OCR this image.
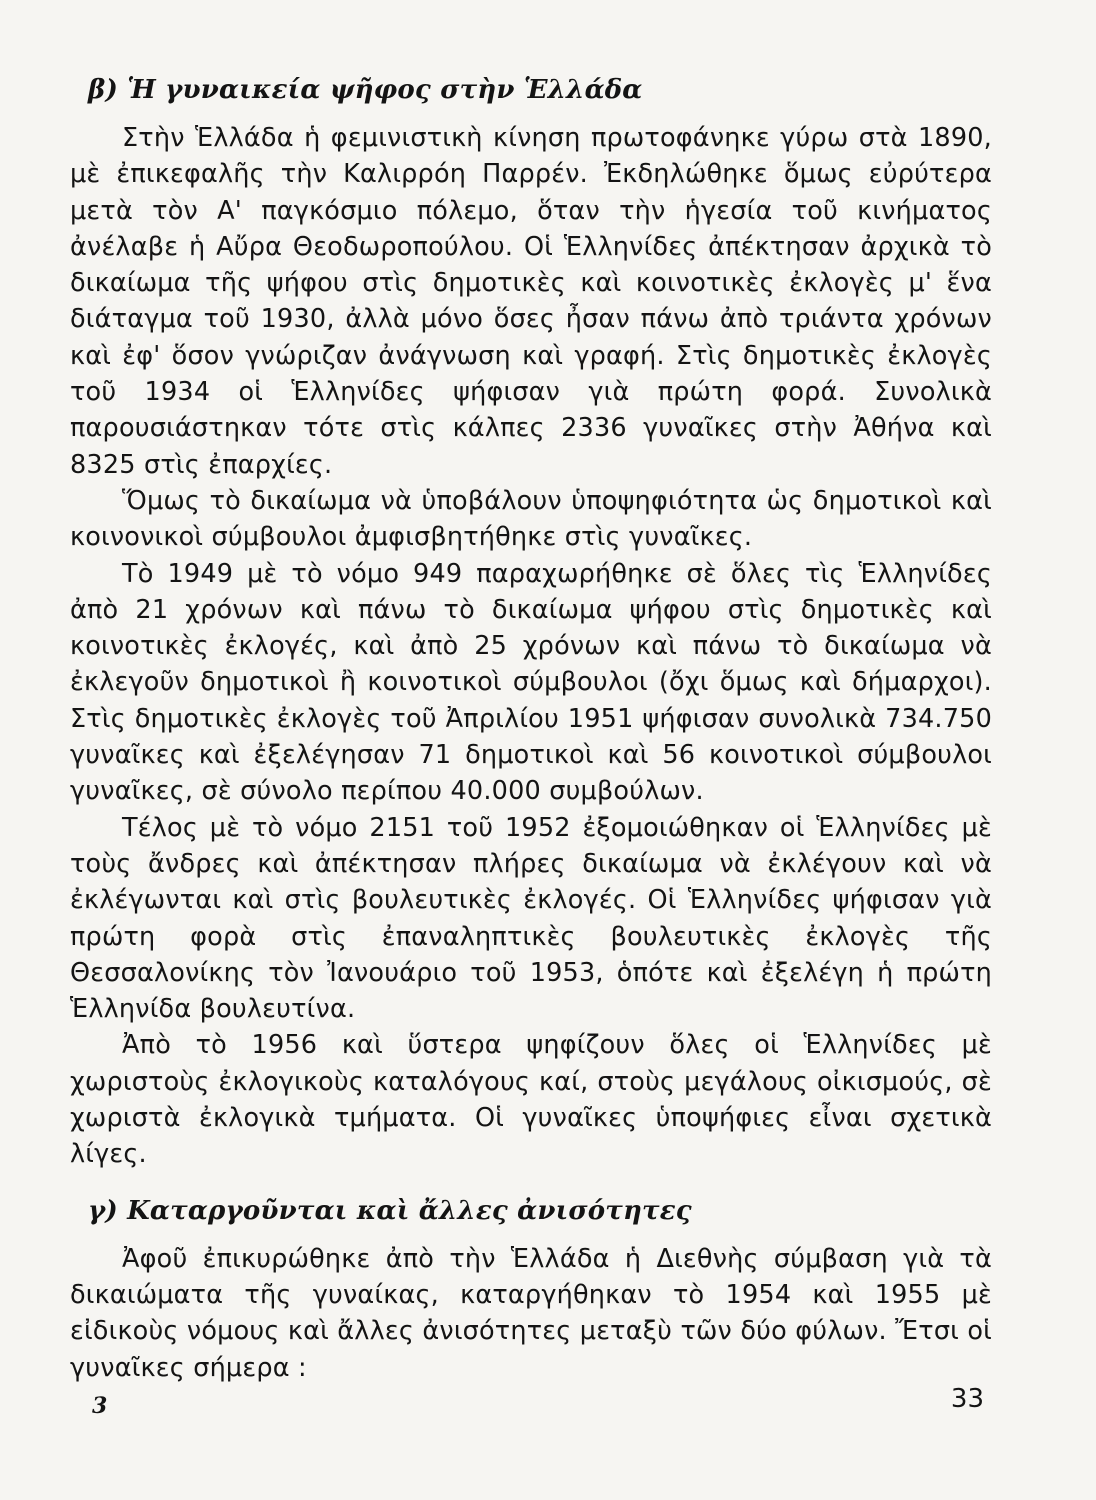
β) Ἡ γυναικεία ψῆφος στὴν Ἑλλάδα

Στὴν Ἑλλάδα ἡ φεμινιστικὴ κίνηση πρωτοφάνηκε γύρω στὰ 1890, μὲ ἐπικεφαλῆς τὴν Καλιρρόη Παρρέν. Ἐκδηλώθηκε ὅμως εὐρύτερα μετὰ τὸν Α' παγκόσμιο πόλεμο, ὅταν τὴν ἡγεσία τοῦ κινήματος ἀνέλαβε ἡ Αὔρα Θεοδωροπούλου. Οἱ Ἑλληνίδες ἀπέκτησαν ἀρχικὰ τὸ δικαίωμα τῆς ψήφου στὶς δημοτικὲς καὶ κοινοτικὲς ἐκλογὲς μ' ἕνα διάταγμα τοῦ 1930, ἀλλὰ μόνο ὅσες ἦσαν πάνω ἀπὸ τριάντα χρόνων καὶ ἐφ' ὅσον γνώριζαν ἀνάγνωση καὶ γραφή. Στὶς δημοτικὲς ἐκλογὲς τοῦ 1934 οἱ Ἑλληνίδες ψήφισαν γιὰ πρώτη φορά. Συνολικὰ παρουσιάστηκαν τότε στὶς κάλπες 2336 γυναῖκες στὴν Ἀθήνα καὶ 8325 στὶς ἐπαρχίες.

Ὅμως τὸ δικαίωμα νὰ ὑποβάλουν ὑποψηφιότητα ὡς δημοτικοὶ καὶ κοινονικοὶ σύμβουλοι ἀμφισβητήθηκε στὶς γυναῖκες.

Τὸ 1949 μὲ τὸ νόμο 949 παραχωρήθηκε σὲ ὅλες τὶς Ἑλληνίδες ἀπὸ 21 χρόνων καὶ πάνω τὸ δικαίωμα ψήφου στὶς δημοτικὲς καὶ κοινοτικὲς ἐκλογές, καὶ ἀπὸ 25 χρόνων καὶ πάνω τὸ δικαίωμα νὰ ἐκλεγοῦν δημοτικοὶ ἢ κοινοτικοὶ σύμβουλοι (ὄχι ὅμως καὶ δήμαρχοι). Στὶς δημοτικὲς ἐκλογὲς τοῦ Ἀπριλίου 1951 ψήφισαν συνολικὰ 734.750 γυναῖκες καὶ ἐξελέγησαν 71 δημοτικοὶ καὶ 56 κοινοτικοὶ σύμβουλοι γυναῖκες, σὲ σύνολο περίπου 40.000 συμβούλων.

Τέλος μὲ τὸ νόμο 2151 τοῦ 1952 ἐξομοιώθηκαν οἱ Ἑλληνίδες μὲ τοὺς ἄνδρες καὶ ἀπέκτησαν πλήρες δικαίωμα νὰ ἐκλέγουν καὶ νὰ ἐκλέγωνται καὶ στὶς βουλευτικὲς ἐκλογές. Οἱ Ἑλληνίδες ψήφισαν γιὰ πρώτη φορὰ στὶς ἐπαναληπτικὲς βουλευτικὲς ἐκλογὲς τῆς Θεσσαλονίκης τὸν Ἰανουάριο τοῦ 1953, ὁπότε καὶ ἐξελέγη ἡ πρώτη Ἑλληνίδα βουλευτίνα.

Ἀπὸ τὸ 1956 καὶ ὕστερα ψηφίζουν ὅλες οἱ Ἑλληνίδες μὲ χωριστοὺς ἐκλογικοὺς καταλόγους καί, στοὺς μεγάλους οἰκισμούς, σὲ χωριστὰ ἐκλογικὰ τμήματα. Οἱ γυναῖκες ὑποψήφιες εἶναι σχετικὰ λίγες.

γ) Καταργοῦνται καὶ ἄλλες ἀνισότητες

Ἀφοῦ ἐπικυρώθηκε ἀπὸ τὴν Ἑλλάδα ἡ Διεθνὴς σύμβαση γιὰ τὰ δικαιώματα τῆς γυναίκας, καταργήθηκαν τὸ 1954 καὶ 1955 μὲ εἰδικοὺς νόμους καὶ ἄλλες ἀνισότητες μεταξὺ τῶν δύο φύλων. Ἔτσι οἱ γυναῖκες σήμερα :

3	33
